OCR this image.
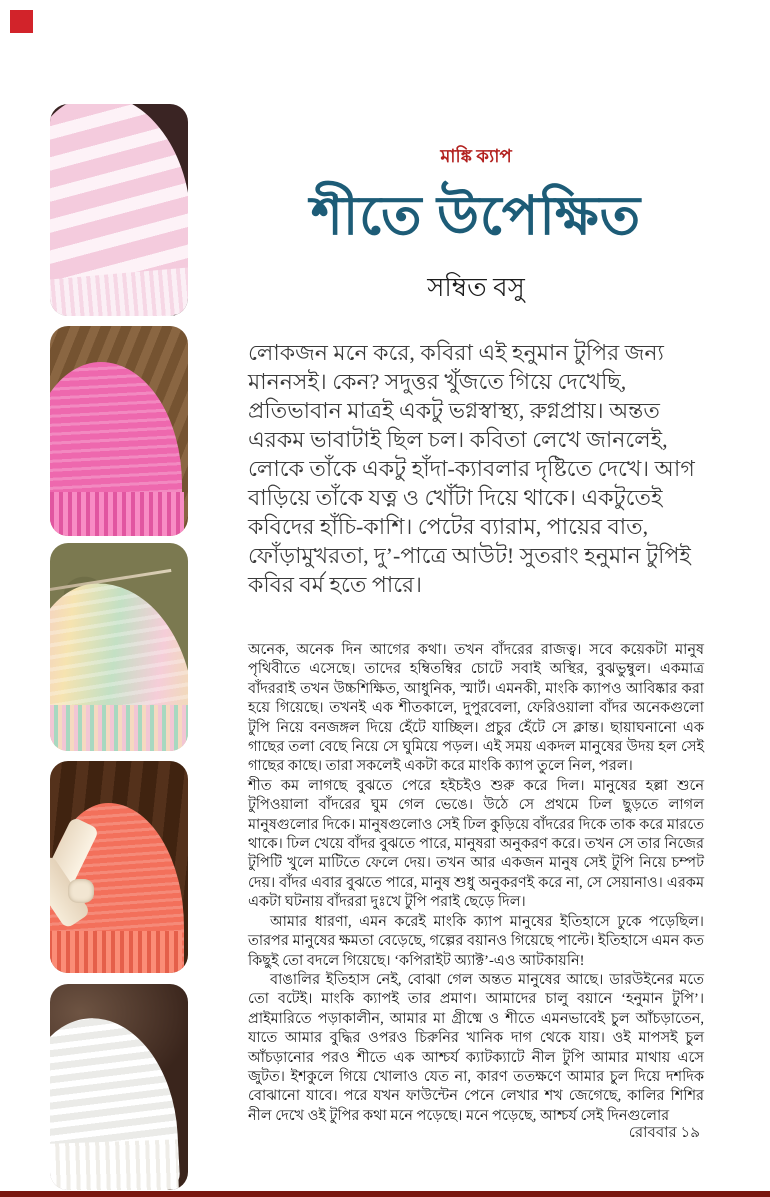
মাঙ্কি ক্যাপ
শীতে উপেক্ষিত
সম্বিত বসু

লোকজন মনে করে, কবিরা এই হনুমান টুপির জন্য মাননসই। কেন? সদুত্তর খুঁজতে গিয়ে দেখেছি, প্রতিভাবান মাত্রই একটু ভগ্নস্বাস্থ্য, রুগ্নপ্রায়। অন্তত এরকম ভাবাটাই ছিল চল। কবিতা লেখে জানলেই, লোকে তাঁকে একটু হাঁদা-ক্যাবলার দৃষ্টিতে দেখে। আগ বাড়িয়ে তাঁকে যত্ন ও খোঁটা দিয়ে থাকে। একটুতেই কবিদের হাঁচি-কাশি। পেটের ব্যারাম, পায়ের বাত, ফোঁড়ামুখরতা, দু’-পাত্রে আউট! সুতরাং হনুমান টুপিই কবির বর্ম হতে পারে।

অনেক, অনেক দিন আগের কথা। তখন বাঁদরের রাজত্ব। সবে কয়েকটা মানুষ পৃথিবীতে এসেছে। তাদের হম্বিতম্বির চোটে সবাই অস্থির, বুঝভুম্বুল। একমাত্র বাঁদররাই তখন উচ্চশিক্ষিত, আধুনিক, স্মার্ট। এমনকী, মাংকি ক্যাপও আবিষ্কার করা হয়ে গিয়েছে। তখনই এক শীতকালে, দুপুরবেলা, ফেরিওয়ালা বাঁদর অনেকগুলো টুপি নিয়ে বনজঙ্গল দিয়ে হেঁটে যাচ্ছিল। প্রচুর হেঁটে সে ক্লান্ত। ছায়াঘনানো এক গাছের তলা বেছে নিয়ে সে ঘুমিয়ে পড়ল। এই সময় একদল মানুষের উদয় হল সেই গাছের কাছে। তারা সকলেই একটা করে মাংকি ক্যাপ তুলে নিল, পরল।

শীত কম লাগছে বুঝতে পেরে হইচইও শুরু করে দিল। মানুষের হল্লা শুনে টুপিওয়ালা বাঁদরের ঘুম গেল ভেঙে। উঠে সে প্রথমে ঢিল ছুড়তে লাগল মানুষগুলোর দিকে। মানুষগুলোও সেই ঢিল কুড়িয়ে বাঁদরের দিকে তাক করে মারতে থাকে। ঢিল খেয়ে বাঁদর বুঝতে পারে, মানুষরা অনুকরণ করে। তখন সে তার নিজের টুপিটি খুলে মাটিতে ফেলে দেয়। তখন আর একজন মানুষ সেই টুপি নিয়ে চম্পট দেয়। বাঁদর এবার বুঝতে পারে, মানুষ শুধু অনুকরণই করে না, সে সেয়ানাও। এরকম একটা ঘটনায় বাঁদররা দুঃখে টুপি পরাই ছেড়ে দিল।

আমার ধারণা, এমন করেই মাংকি ক্যাপ মানুষের ইতিহাসে ঢুকে পড়েছিল। তারপর মানুষের ক্ষমতা বেড়েছে, গল্পের বয়ানও গিয়েছে পাল্টে। ইতিহাসে এমন কত কিছুই তো বদলে গিয়েছে। ‘কপিরাইট অ্যাক্ট’-এও আটকায়নি!

বাঙালির ইতিহাস নেই, বোঝা গেল অন্তত মানুষের আছে। ডারউইনের মতে তো বটেই। মাংকি ক্যাপই তার প্রমাণ। আমাদের চালু বয়ানে ‘হনুমান টুপি’। প্রাইমারিতে পড়াকালীন, আমার মা গ্রীষ্মে ও শীতে এমনভাবেই চুল আঁচড়াতেন, যাতে আমার বুদ্ধির ওপরও চিরুনির খানিক দাগ থেকে যায়। ওই মাপসই চুল আঁচড়ানোর পরও শীতে এক আশ্চর্য ক্যাটক্যাটে নীল টুপি আমার মাথায় এসে জুটত। ইশকুলে গিয়ে খোলাও যেত না, কারণ ততক্ষণে আমার চুল দিয়ে দশদিক বোঝানো যাবে। পরে যখন ফাউন্টেন পেনে লেখার শখ জেগেছে, কালির শিশির নীল দেখে ওই টুপির কথা মনে পড়েছে। মনে পড়েছে, আশ্চর্য সেই দিনগুলোর

রোববার ১৯
